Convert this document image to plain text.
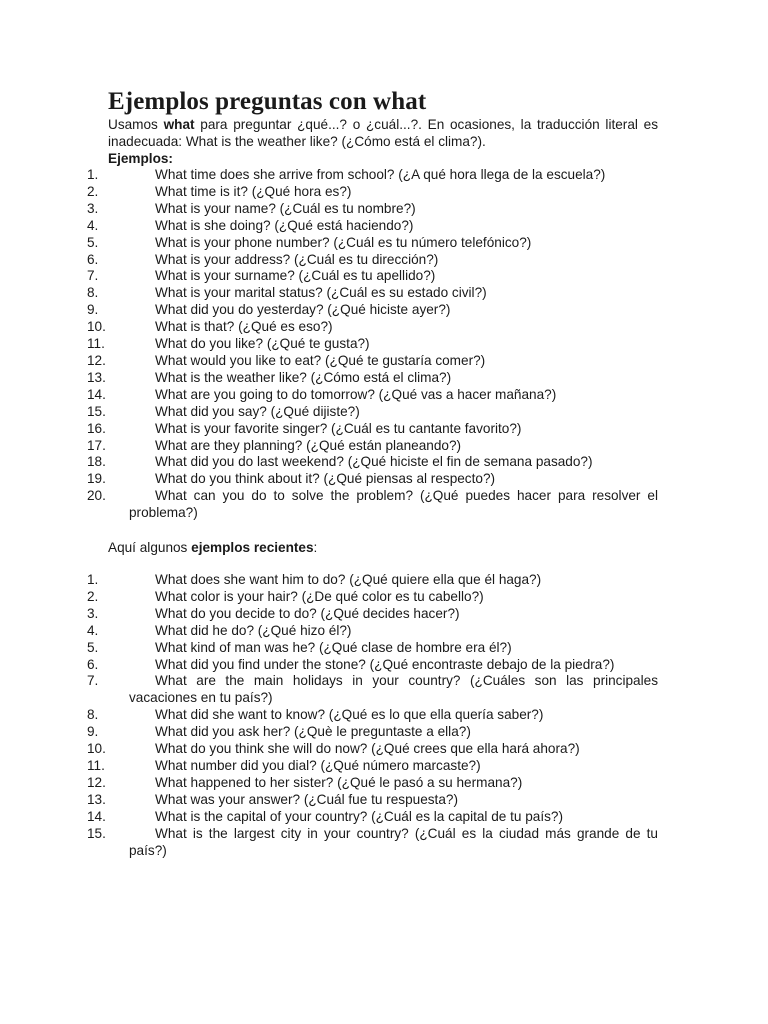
Ejemplos preguntas con what

Usamos what para preguntar ¿qué...? o ¿cuál...?. En ocasiones, la traducción literal es inadecuada: What is the weather like? (¿Cómo está el clima?).

Ejemplos:

1.	What time does she arrive from school? (¿A qué hora llega de la escuela?)
2.	What time is it? (¿Qué hora es?)
3.	What is your name? (¿Cuál es tu nombre?)
4.	What is she doing? (¿Qué está haciendo?)
5.	What is your phone number? (¿Cuál es tu número telefónico?)
6.	What is your address? (¿Cuál es tu dirección?)
7.	What is your surname? (¿Cuál es tu apellido?)
8.	What is your marital status? (¿Cuál es su estado civil?)
9.	What did you do yesterday? (¿Qué hiciste ayer?)
10.	What is that? (¿Qué es eso?)
11.	What do you like? (¿Qué te gusta?)
12.	What would you like to eat? (¿Qué te gustaría comer?)
13.	What is the weather like? (¿Cómo está el clima?)
14.	What are you going to do tomorrow? (¿Qué vas a hacer mañana?)
15.	What did you say? (¿Qué dijiste?)
16.	What is your favorite singer? (¿Cuál es tu cantante favorito?)
17.	What are they planning? (¿Qué están planeando?)
18.	What did you do last weekend? (¿Qué hiciste el fin de semana pasado?)
19.	What do you think about it? (¿Qué piensas al respecto?)
20.	What can you do to solve the problem? (¿Qué puedes hacer para resolver el problema?)

Aquí algunos ejemplos recientes:

1.	What does she want him to do? (¿Qué quiere ella que él haga?)
2.	What color is your hair? (¿De qué color es tu cabello?)
3.	What do you decide to do? (¿Qué decides hacer?)
4.	What did he do? (¿Qué hizo él?)
5.	What kind of man was he? (¿Qué clase de hombre era él?)
6.	What did you find under the stone? (¿Qué encontraste debajo de la piedra?)
7.	What are the main holidays in your country? (¿Cuáles son las principales vacaciones en tu país?)
8.	What did she want to know? (¿Qué es lo que ella quería saber?)
9.	What did you ask her? (¿Què le preguntaste a ella?)
10.	What do you think she will do now? (¿Qué crees que ella hará ahora?)
11.	What number did you dial? (¿Qué número marcaste?)
12.	What happened to her sister? (¿Qué le pasó a su hermana?)
13.	What was your answer? (¿Cuál fue tu respuesta?)
14.	What is the capital of your country? (¿Cuál es la capital de tu país?)
15.	What is the largest city in your country? (¿Cuál es la ciudad más grande de tu país?)
